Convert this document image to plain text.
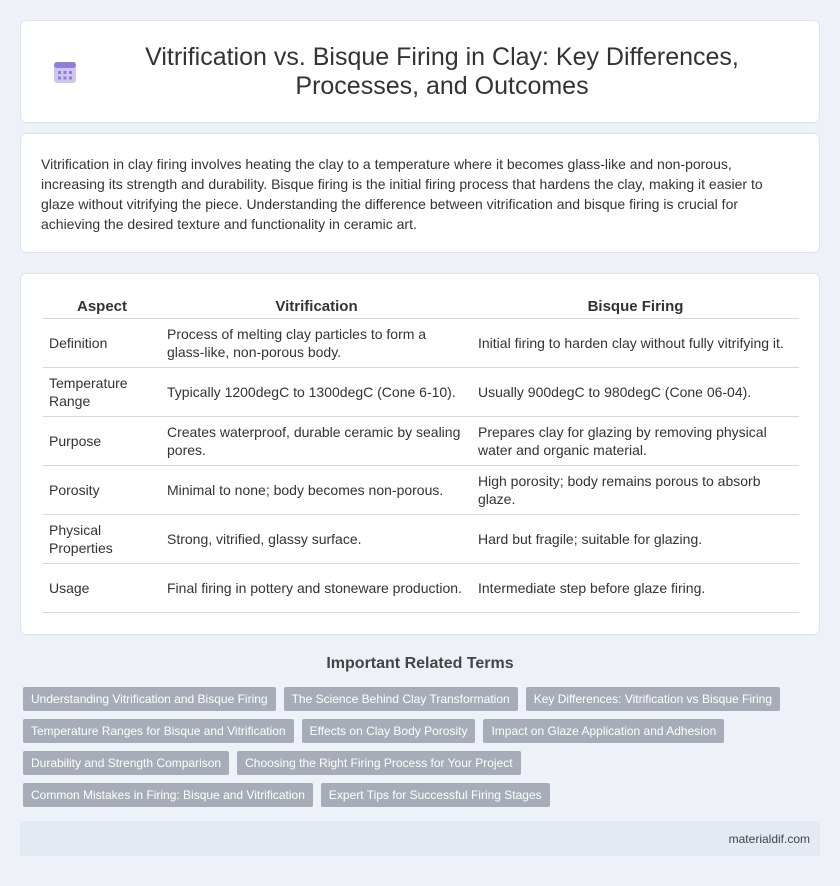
Vitrification vs. Bisque Firing in Clay: Key Differences, Processes, and Outcomes

Vitrification in clay firing involves heating the clay to a temperature where it becomes glass-like and non-porous, increasing its strength and durability. Bisque firing is the initial firing process that hardens the clay, making it easier to glaze without vitrifying the piece. Understanding the difference between vitrification and bisque firing is crucial for achieving the desired texture and functionality in ceramic art.

Aspect	Vitrification	Bisque Firing
Definition	Process of melting clay particles to form a glass-like, non-porous body.	Initial firing to harden clay without fully vitrifying it.
Temperature Range	Typically 1200degC to 1300degC (Cone 6-10).	Usually 900degC to 980degC (Cone 06-04).
Purpose	Creates waterproof, durable ceramic by sealing pores.	Prepares clay for glazing by removing physical water and organic material.
Porosity	Minimal to none; body becomes non-porous.	High porosity; body remains porous to absorb glaze.
Physical Properties	Strong, vitrified, glassy surface.	Hard but fragile; suitable for glazing.
Usage	Final firing in pottery and stoneware production.	Intermediate step before glaze firing.
Important Related Terms
Understanding Vitrification and Bisque Firing	The Science Behind Clay Transformation	Key Differences: Vitrification vs Bisque Firing
Temperature Ranges for Bisque and Vitrification	Effects on Clay Body Porosity	Impact on Glaze Application and Adhesion
Durability and Strength Comparison	Choosing the Right Firing Process for Your Project
Common Mistakes in Firing: Bisque and Vitrification	Expert Tips for Successful Firing Stages
materialdif.com
